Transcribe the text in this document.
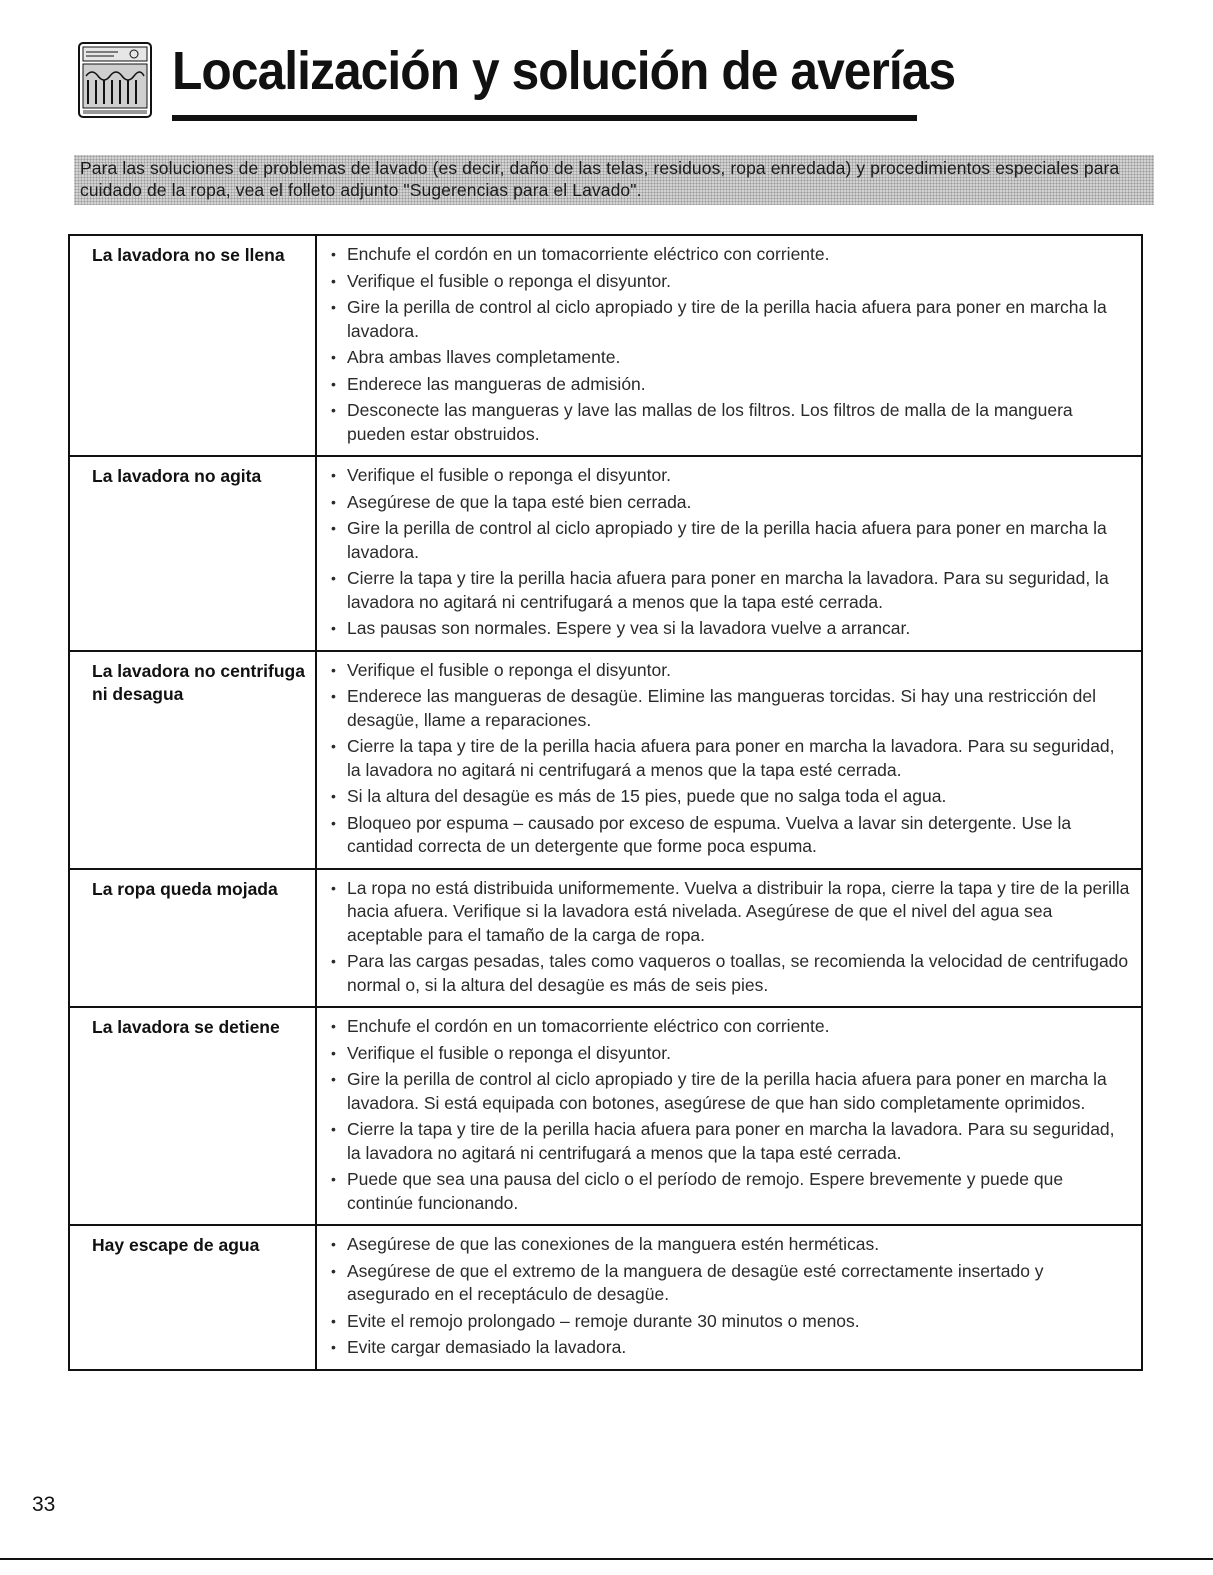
Localización y solución de averías
Para las soluciones de problemas de lavado (es decir, daño de las telas, residuos, ropa enredada) y procedimientos especiales para cuidado de la ropa, vea el folleto adjunto "Sugerencias para el Lavado".
La lavadora no se llena	• Enchufe el cordón en un tomacorriente eléctrico con corriente.
• Verifique el fusible o reponga el disyuntor.
• Gire la perilla de control al ciclo apropiado y tire de la perilla hacia afuera para poner en marcha la lavadora.
• Abra ambas llaves completamente.
• Enderece las mangueras de admisión.
• Desconecte las mangueras y lave las mallas de los filtros. Los filtros de malla de la manguera pueden estar obstruidos.
La lavadora no agita	• Verifique el fusible o reponga el disyuntor.
• Asegúrese de que la tapa esté bien cerrada.
• Gire la perilla de control al ciclo apropiado y tire de la perilla hacia afuera para poner en marcha la lavadora.
• Cierre la tapa y tire la perilla hacia afuera para poner en marcha la lavadora. Para su seguridad, la lavadora no agitará ni centrifugará a menos que la tapa esté cerrada.
• Las pausas son normales. Espere y vea si la lavadora vuelve a arrancar.
La lavadora no centrifuga ni desagua
• Verifique el fusible o reponga el disyuntor.
• Enderece las mangueras de desagüe. Elimine las mangueras torcidas. Si hay una restricción del desagüe, llame a reparaciones.
• Cierre la tapa y tire de la perilla hacia afuera para poner en marcha la lavadora. Para su seguridad, la lavadora no agitará ni centrifugará a menos que la tapa esté cerrada.
• Si la altura del desagüe es más de 15 pies, puede que no salga toda el agua.
• Bloqueo por espuma – causado por exceso de espuma. Vuelva a lavar sin detergente. Use la cantidad correcta de un detergente que forme poca espuma.
La ropa queda mojada	• La ropa no está distribuida uniformemente. Vuelva a distribuir la ropa, cierre la tapa y tire de la perilla hacia afuera. Verifique si la lavadora está nivelada. Asegúrese de que el nivel del agua sea aceptable para el tamaño de la carga de ropa.
• Para las cargas pesadas, tales como vaqueros o toallas, se recomienda la velocidad de centrifugado normal o, si la altura del desagüe es más de seis pies.
La lavadora se detiene	• Enchufe el cordón en un tomacorriente eléctrico con corriente.
• Verifique el fusible o reponga el disyuntor.
• Gire la perilla de control al ciclo apropiado y tire de la perilla hacia afuera para poner en marcha la lavadora. Si está equipada con botones, asegúrese de que han sido completamente oprimidos.
• Cierre la tapa y tire de la perilla hacia afuera para poner en marcha la lavadora. Para su seguridad, la lavadora no agitará ni centrifugará a menos que la tapa esté cerrada.
• Puede que sea una pausa del ciclo o el período de remojo. Espere brevemente y puede que continúe funcionando.
Hay escape de agua	• Asegúrese de que las conexiones de la manguera estén herméticas.
• Asegúrese de que el extremo de la manguera de desagüe esté correctamente insertado y asegurado en el receptáculo de desagüe.
• Evite el remojo prolongado – remoje durante 30 minutos o menos.
• Evite cargar demasiado la lavadora.
33
